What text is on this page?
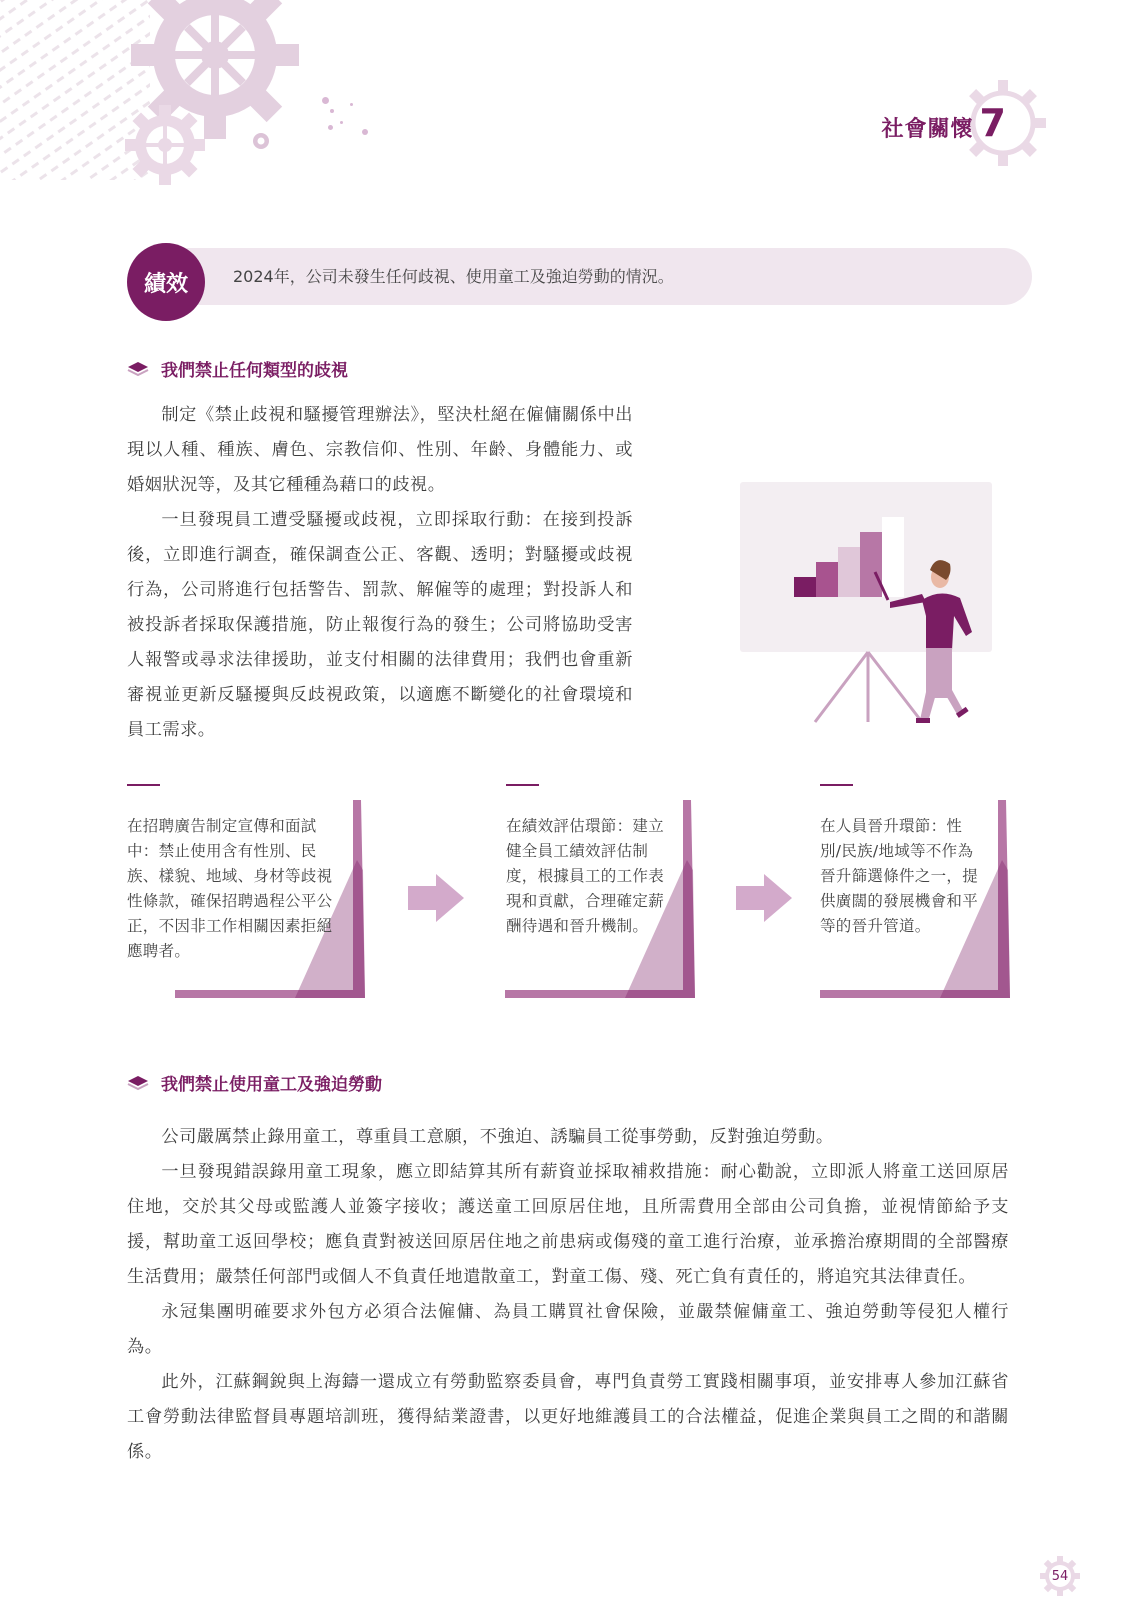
社會關懷 7
績效	2024年，公司未發生任何歧視、使用童工及強迫勞動的情況。
我們禁止任何類型的歧視

制定《禁止歧視和騷擾管理辦法》，堅決杜絕在僱傭關係中出現以人種、種族、膚色、宗教信仰、性別、年齡、身體能力、或婚姻狀況等，及其它種種為藉口的歧視。

一旦發現員工遭受騷擾或歧視，立即採取行動：在接到投訴後，立即進行調查，確保調查公正、客觀、透明；對騷擾或歧視行為，公司將進行包括警告、罰款、解僱等的處理；對投訴人和被投訴者採取保護措施，防止報復行為的發生；公司將協助受害人報警或尋求法律援助，並支付相關的法律費用；我們也會重新審視並更新反騷擾與反歧視政策，以適應不斷變化的社會環境和員工需求。

在招聘廣告制定宣傳和面試中：禁止使用含有性別、民族、樣貌、地域、身材等歧視性條款，確保招聘過程公平公正，不因非工作相關因素拒絕應聘者。
在績效評估環節：建立健全員工績效評估制度，根據員工的工作表現和貢獻，合理確定薪酬待遇和晉升機制。
在人員晉升環節：性別/民族/地域等不作為晉升篩選條件之一，提供廣闊的發展機會和平等的晉升管道。
我們禁止使用童工及強迫勞動

公司嚴厲禁止錄用童工，尊重員工意願，不強迫、誘騙員工從事勞動，反對強迫勞動。

一旦發現錯誤錄用童工現象，應立即結算其所有薪資並採取補救措施：耐心勸說，立即派人將童工送回原居住地，交於其父母或監護人並簽字接收；護送童工回原居住地，且所需費用全部由公司負擔，並視情節給予支援，幫助童工返回學校；應負責對被送回原居住地之前患病或傷殘的童工進行治療，並承擔治療期間的全部醫療生活費用；嚴禁任何部門或個人不負責任地遣散童工，對童工傷、殘、死亡負有責任的，將追究其法律責任。

永冠集團明確要求外包方必須合法僱傭、為員工購買社會保險，並嚴禁僱傭童工、強迫勞動等侵犯人權行為。

此外，江蘇鋼銳與上海鑄一還成立有勞動監察委員會，專門負責勞工實踐相關事項，並安排專人參加江蘇省工會勞動法律監督員專題培訓班，獲得結業證書，以更好地維護員工的合法權益，促進企業與員工之間的和諧關係。

54
